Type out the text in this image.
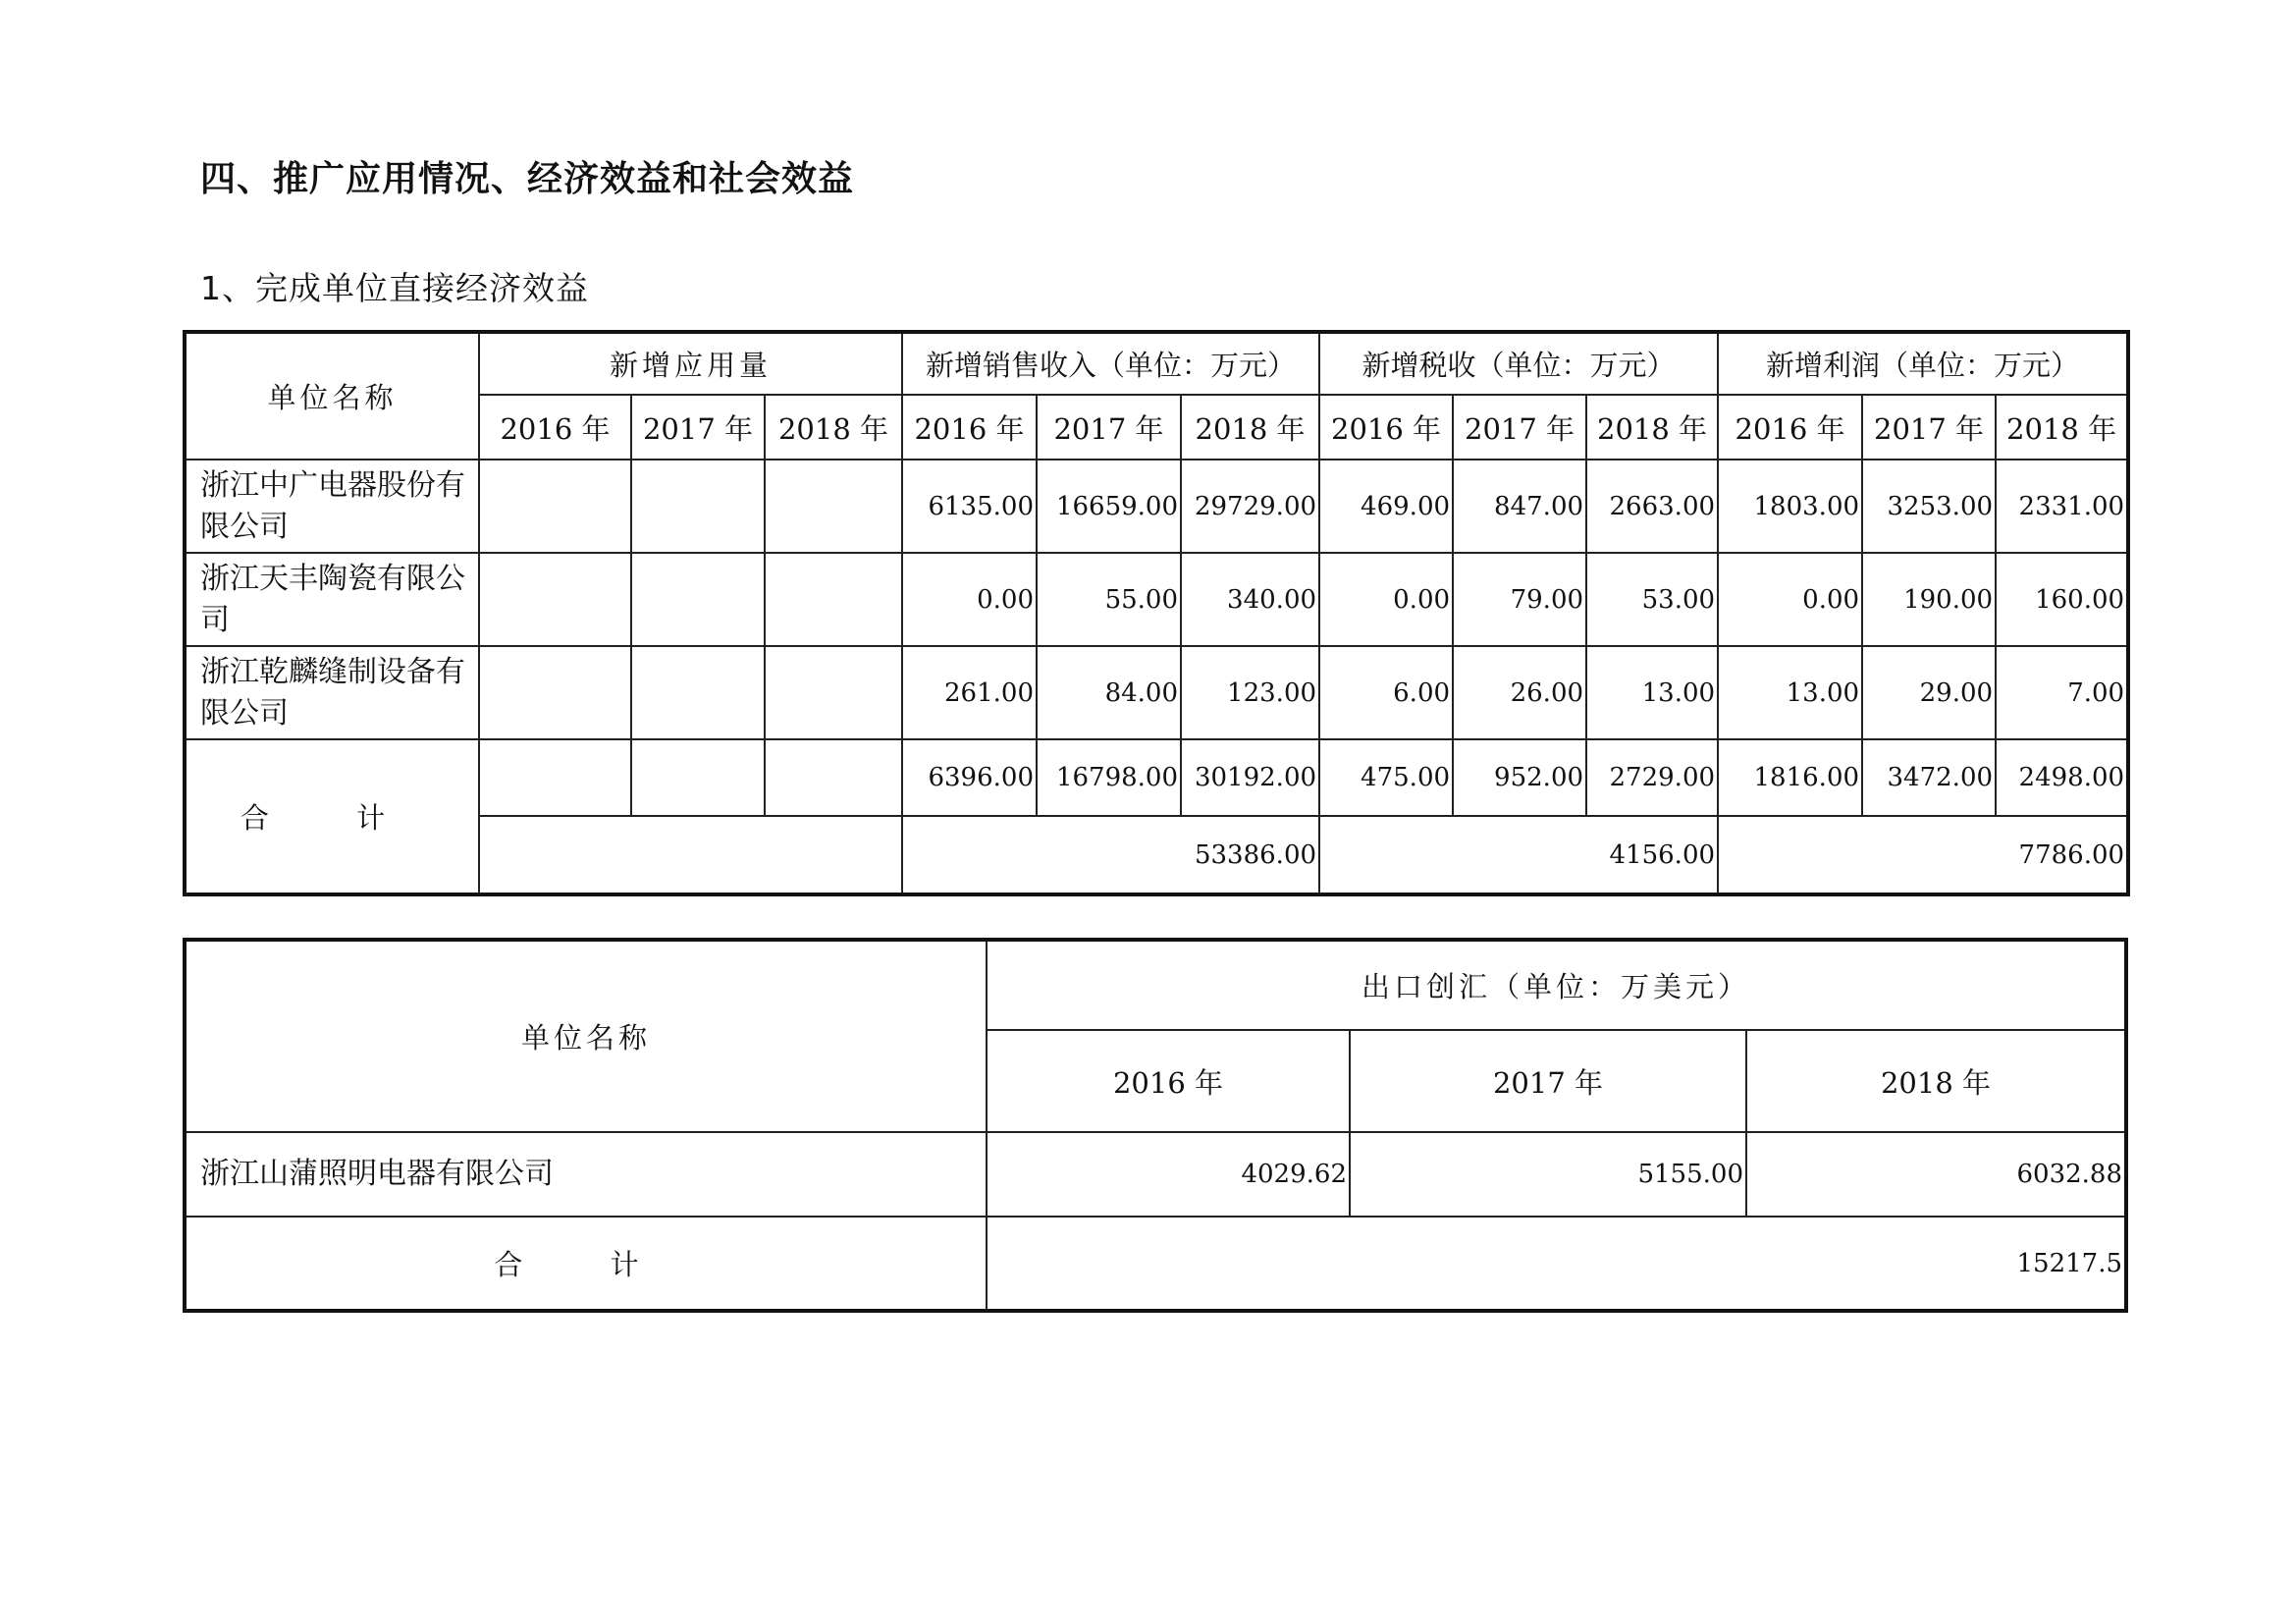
四、推广应用情况、经济效益和社会效益
1、完成单位直接经济效益
单位名称	新增应用量			新增销售收入（单位：万元）			新增税收（单位：万元）			新增利润（单位：万元）		
	2016 年	2017 年	2018 年	2016 年	2017 年	2018 年	2016 年	2017 年	2018 年	2016 年	2017 年	2018 年
浙江中广电器股份有限公司				6135.00	16659.00	29729.00	469.00	847.00	2663.00	1803.00	3253.00	2331.00
浙江天丰陶瓷有限公司				0.00	55.00	340.00	0.00	79.00	53.00	0.00	190.00	160.00
浙江乾麟缝制设备有限公司				261.00	84.00	123.00	6.00	26.00	13.00	13.00	29.00	7.00
合 计				6396.00	16798.00	30192.00	475.00	952.00	2729.00	1816.00	3472.00	2498.00
				53386.00			4156.00			7786.00		
单位名称	出口创汇（单位：万美元）		
	2016 年	2017 年	2018 年
浙江山蒲照明电器有限公司	4029.62	5155.00	6032.88
合 计	15217.5		
